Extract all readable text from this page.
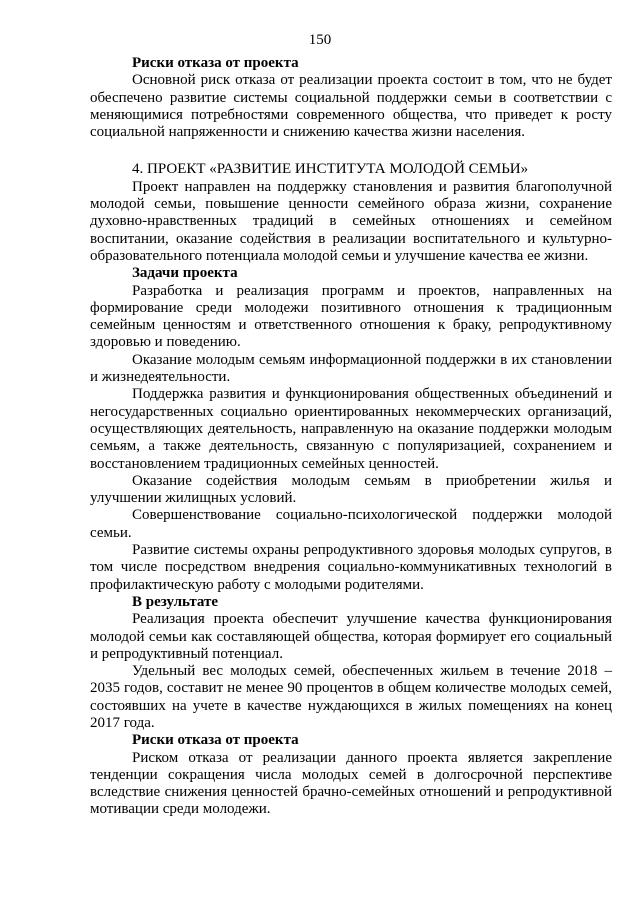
150

Риски отказа от проекта

Основной риск отказа от реализации проекта состоит в том, что не будет обеспечено развитие системы социальной поддержки семьи в соответствии с меняющимися потребностями современного общества, что приведет к росту социальной напряженности и снижению качества жизни населения.

4. ПРОЕКТ «РАЗВИТИЕ ИНСТИТУТА МОЛОДОЙ СЕМЬИ»

Проект направлен на поддержку становления и развития благополучной молодой семьи, повышение ценности семейного образа жизни, сохранение духовно-нравственных традиций в семейных отношениях и семейном воспитании, оказание содействия в реализации воспитательного и культурно-образовательного потенциала молодой семьи и улучшение качества ее жизни.

Задачи проекта

Разработка и реализация программ и проектов, направленных на формирование среди молодежи позитивного отношения к традиционным семейным ценностям и ответственного отношения к браку, репродуктивному здоровью и поведению.

Оказание молодым семьям информационной поддержки в их становлении и жизнедеятельности.

Поддержка развития и функционирования общественных объединений и негосударственных социально ориентированных некоммерческих организаций, осуществляющих деятельность, направленную на оказание поддержки молодым семьям, а также деятельность, связанную с популяризацией, сохранением и восстановлением традиционных семейных ценностей.

Оказание содействия молодым семьям в приобретении жилья и улучшении жилищных условий.

Совершенствование социально-психологической поддержки молодой семьи.

Развитие системы охраны репродуктивного здоровья молодых супругов, в том числе посредством внедрения социально-коммуникативных технологий в профилактическую работу с молодыми родителями.

В результате

Реализация проекта обеспечит улучшение качества функционирования молодой семьи как составляющей общества, которая формирует его социальный и репродуктивный потенциал.

Удельный вес молодых семей, обеспеченных жильем в течение 2018 – 2035 годов, составит не менее 90 процентов в общем количестве молодых семей, состоявших на учете в качестве нуждающихся в жилых помещениях на конец 2017 года.

Риски отказа от проекта

Риском отказа от реализации данного проекта является закрепление тенденции сокращения числа молодых семей в долгосрочной перспективе вследствие снижения ценностей брачно-семейных отношений и репродуктивной мотивации среди молодежи.
